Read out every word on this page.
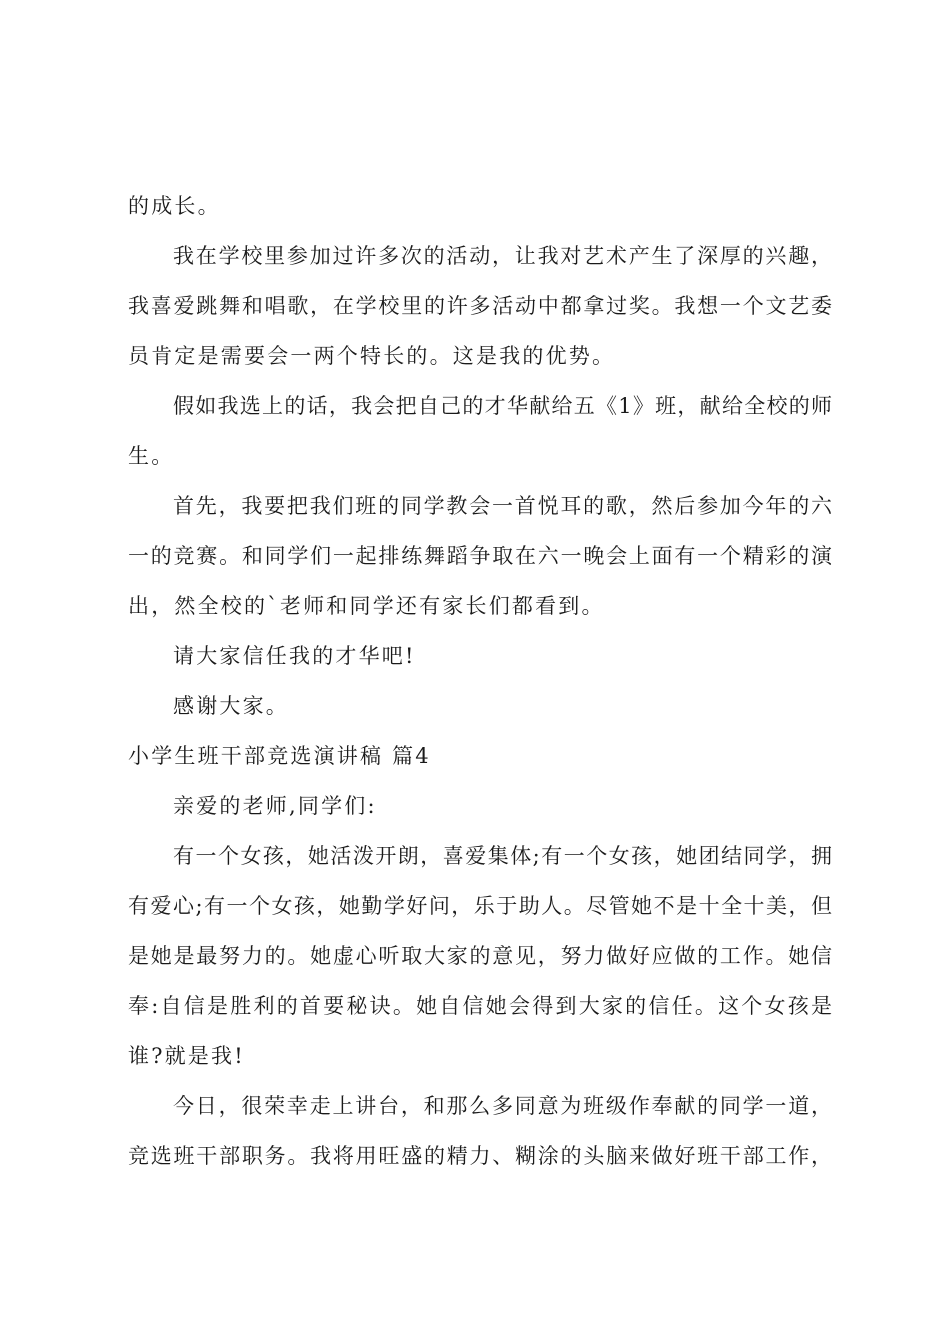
的成长。
我在学校里参加过许多次的活动，让我对艺术产生了深厚的兴趣，
我喜爱跳舞和唱歌，在学校里的许多活动中都拿过奖。我想一个文艺委
员肯定是需要会一两个特长的。这是我的优势。
假如我选上的话，我会把自己的才华献给五《1》班，献给全校的师
生。
首先，我要把我们班的同学教会一首悦耳的歌，然后参加今年的六
一的竞赛。和同学们一起排练舞蹈争取在六一晚会上面有一个精彩的演
出，然全校的`老师和同学还有家长们都看到。
请大家信任我的才华吧!
感谢大家。
小学生班干部竞选演讲稿 篇4
亲爱的老师,同学们:
有一个女孩，她活泼开朗，喜爱集体;有一个女孩，她团结同学，拥
有爱心;有一个女孩，她勤学好问，乐于助人。尽管她不是十全十美，但
是她是最努力的。她虚心听取大家的意见，努力做好应做的工作。她信
奉:自信是胜利的首要秘诀。她自信她会得到大家的信任。这个女孩是
谁?就是我!
今日，很荣幸走上讲台，和那么多同意为班级作奉献的同学一道，
竞选班干部职务。我将用旺盛的精力、糊涂的头脑来做好班干部工作，
